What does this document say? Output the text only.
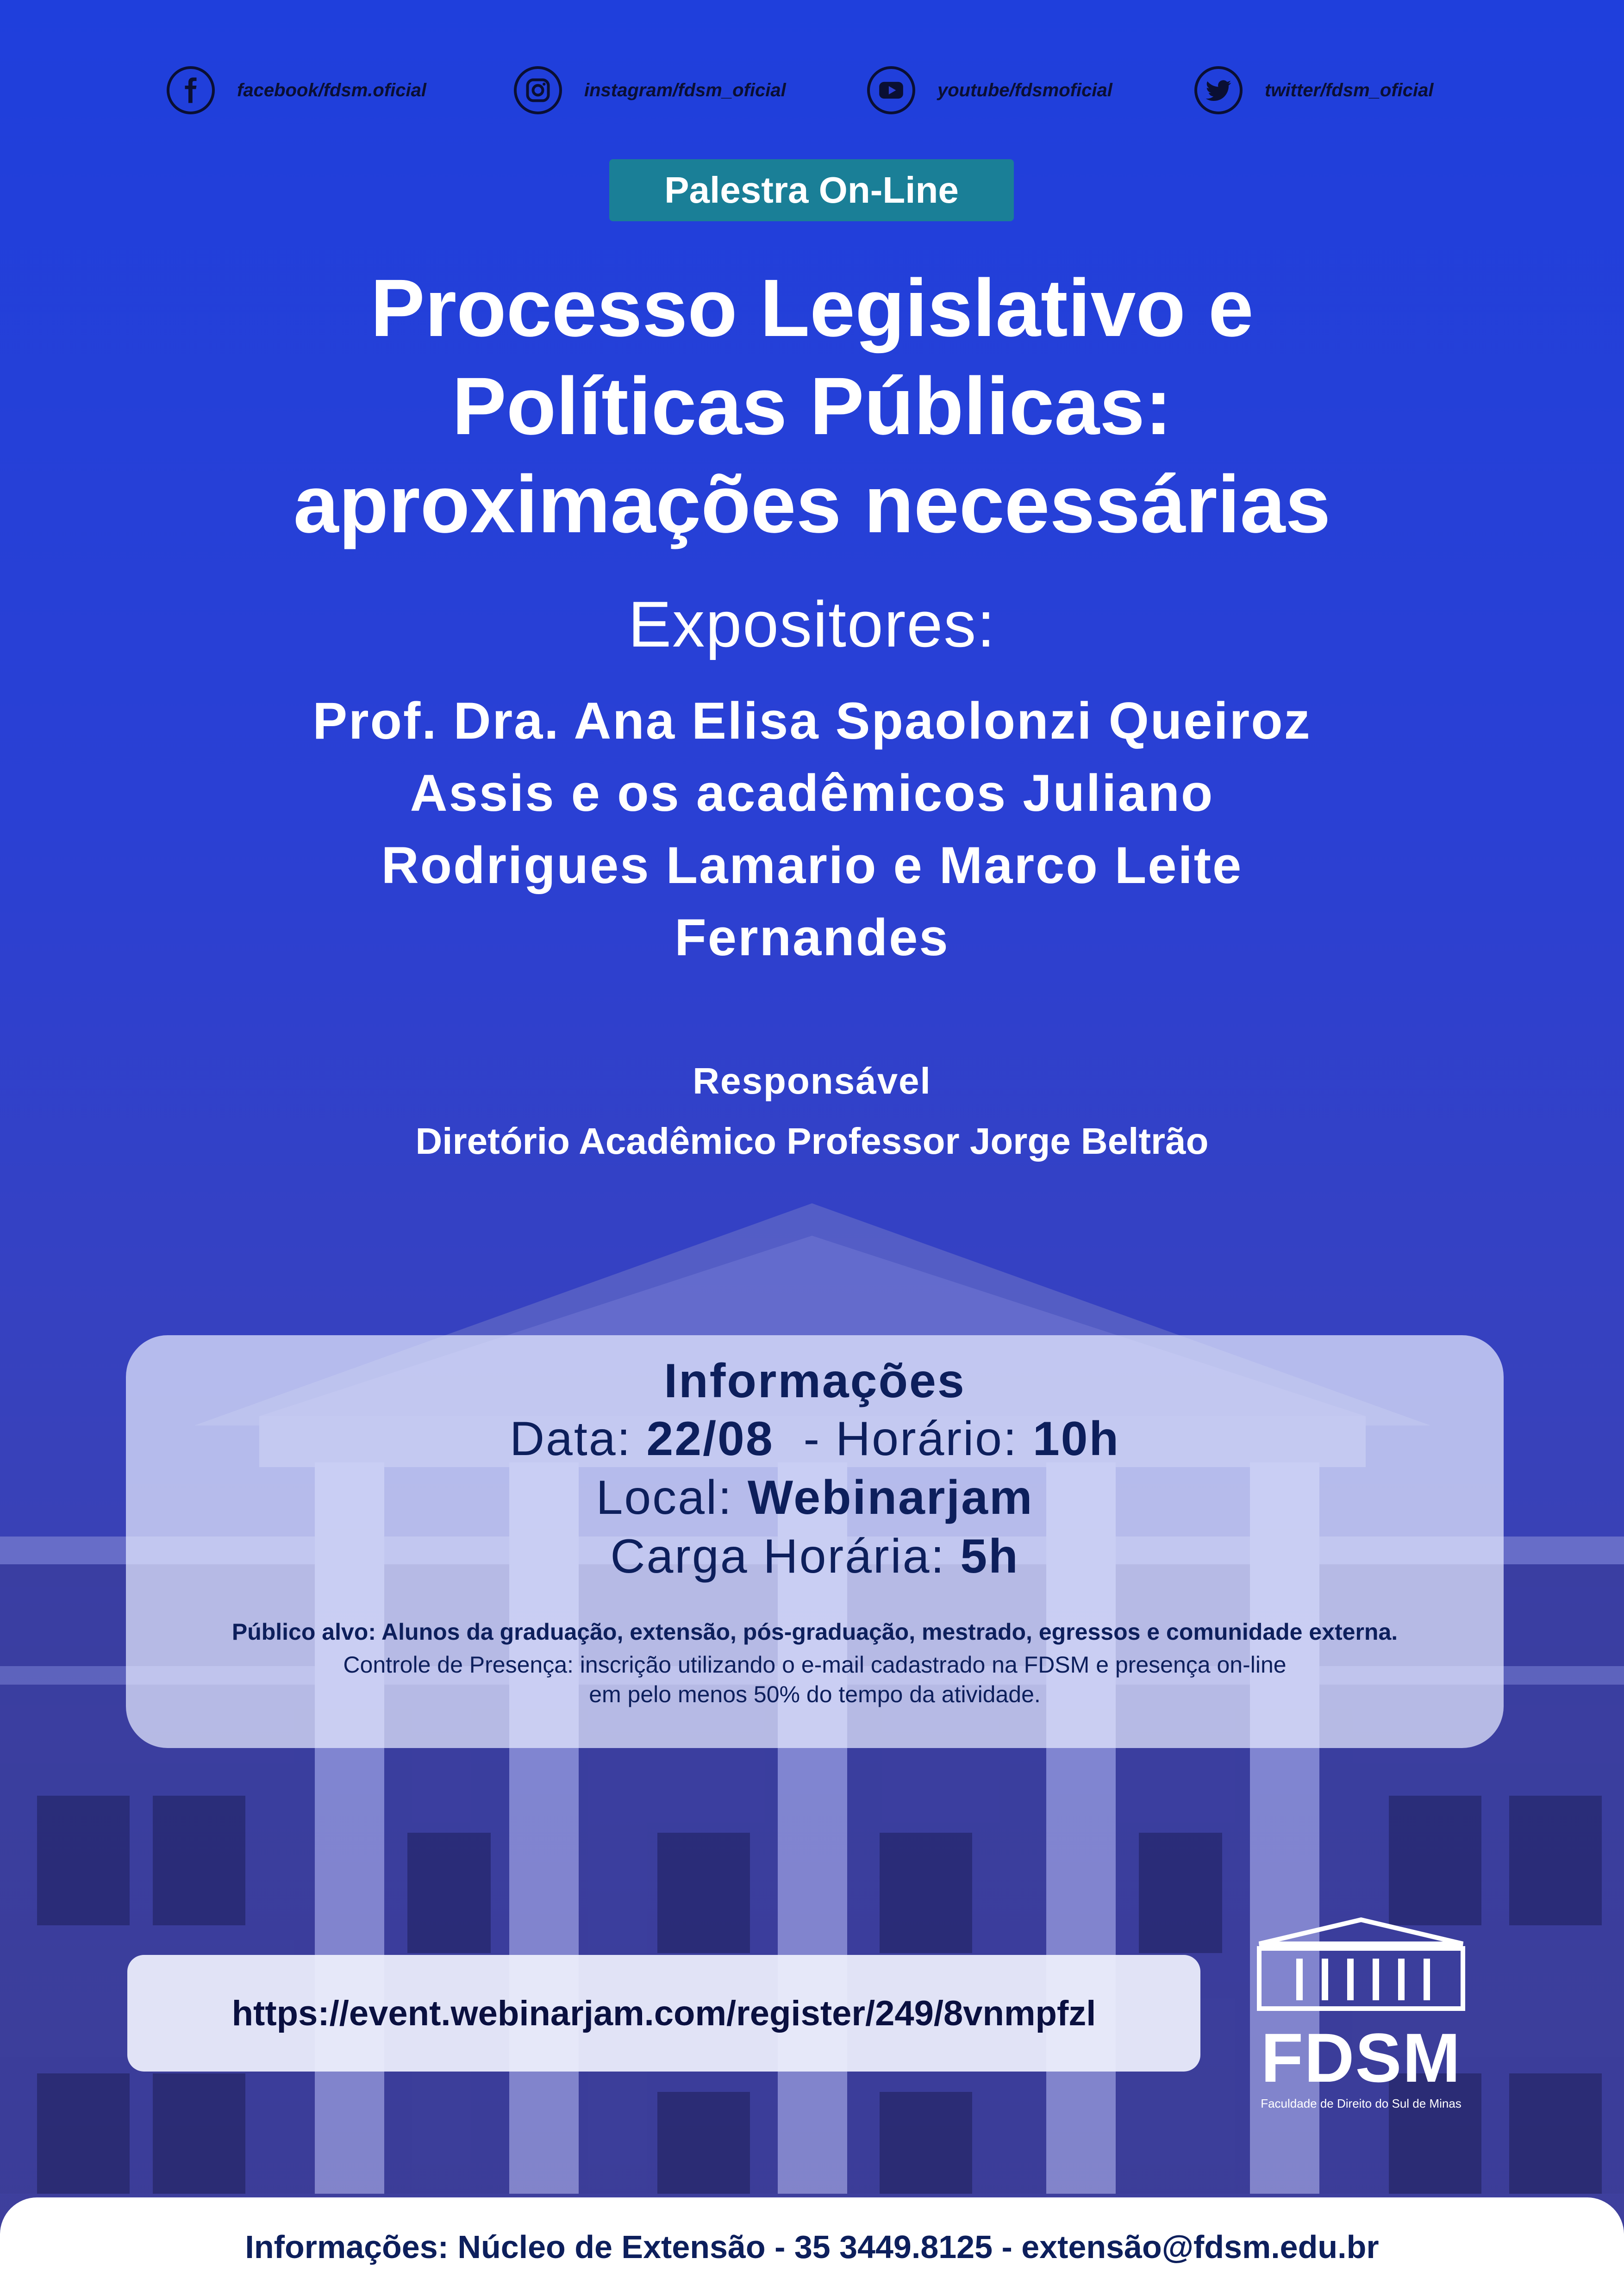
facebook/fdsm.oficial	instagram/fdsm_oficial	youtube/fdsmoficial	twitter/fdsm_oficial
Palestra On-Line
Processo Legislativo e
Políticas Públicas:
aproximações necessárias
Expositores:
Prof. Dra. Ana Elisa Spaolonzi Queiroz
Assis e os acadêmicos Juliano
Rodrigues Lamario e Marco Leite
Fernandes
Responsável
Diretório Acadêmico Professor Jorge Beltrão
Informações
Data: 22/08  - Horário: 10h
Local: Webinarjam
Carga Horária: 5h
Público alvo: Alunos da graduação, extensão, pós-graduação, mestrado, egressos e comunidade externa.
Controle de Presença: inscrição utilizando o e-mail cadastrado na FDSM e presença on-line
em pelo menos 50% do tempo da atividade.
https://event.webinarjam.com/register/249/8vnmpfzl
FDSM
Faculdade de Direito do Sul de Minas
Informações: Núcleo de Extensão - 35 3449.8125 - extensão@fdsm.edu.br
